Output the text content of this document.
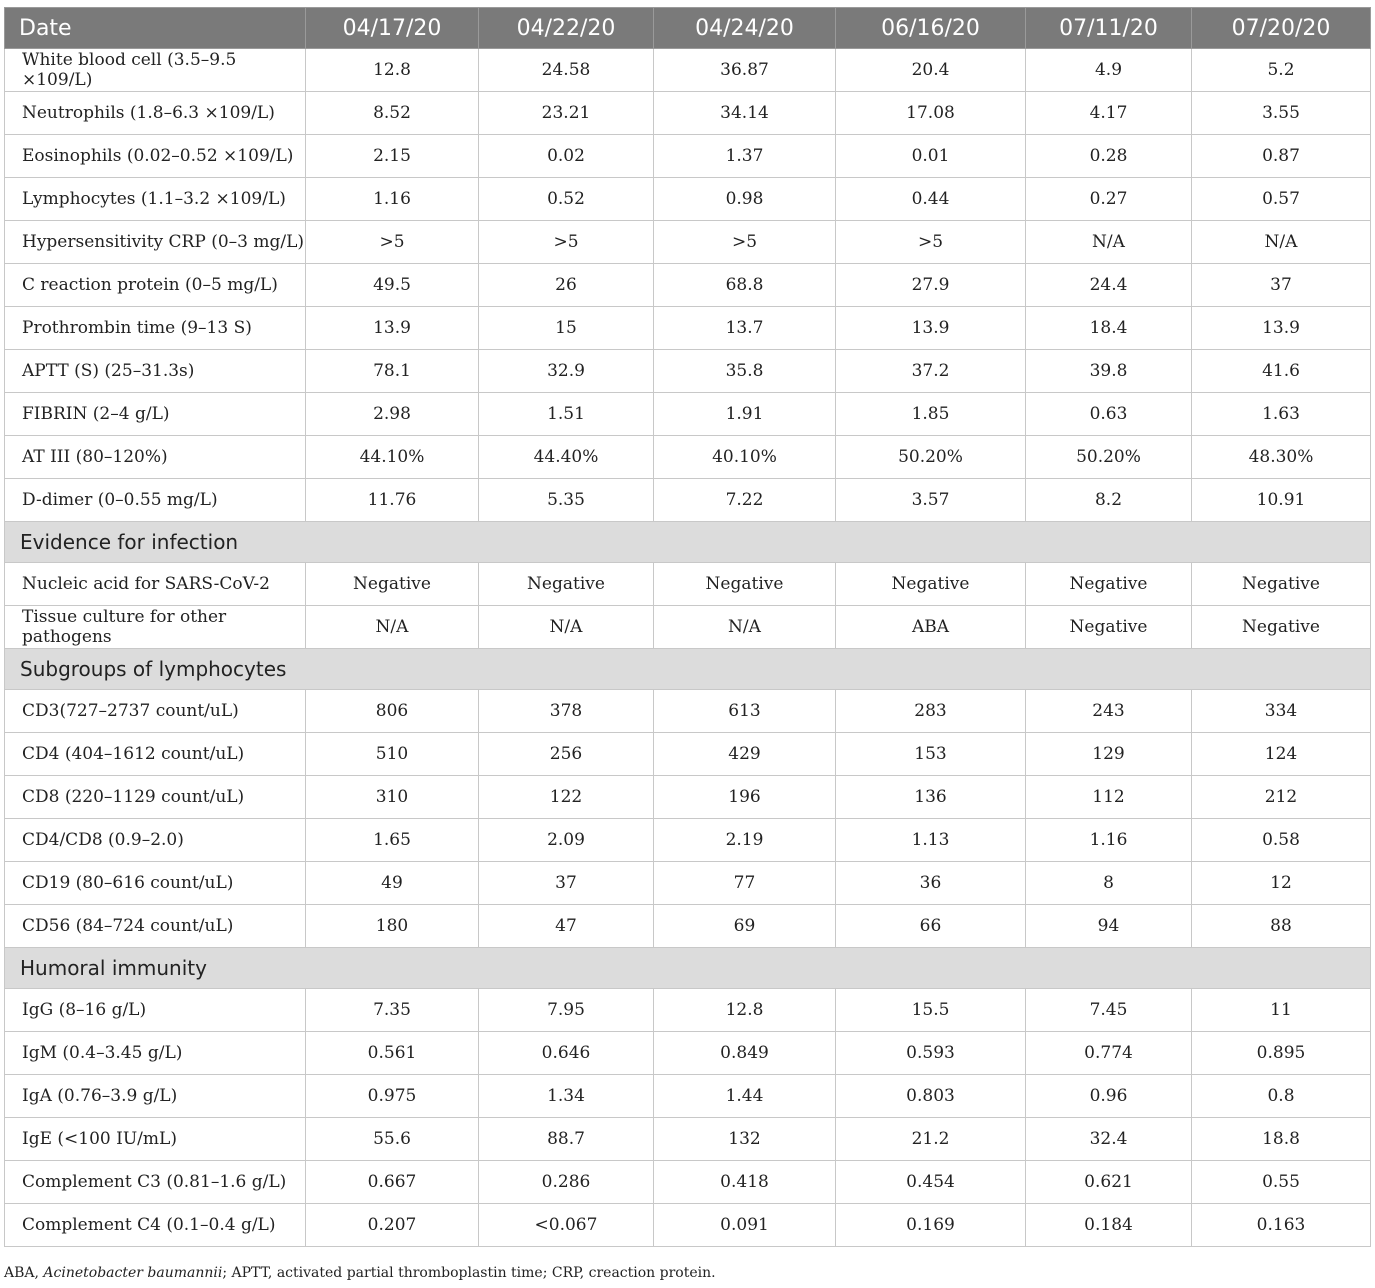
Date	04/17/20	04/22/20	04/24/20	06/16/20	07/11/20	07/20/20
White blood cell (3.5–9.5 ×109/L)	12.8	24.58	36.87	20.4	4.9	5.2
Neutrophils (1.8–6.3 ×109/L)	8.52	23.21	34.14	17.08	4.17	3.55
Eosinophils (0.02–0.52 ×109/L)	2.15	0.02	1.37	0.01	0.28	0.87
Lymphocytes (1.1–3.2 ×109/L)	1.16	0.52	0.98	0.44	0.27	0.57
Hypersensitivity CRP (0–3 mg/L)	>5	>5	>5	>5	N/A	N/A
C reaction protein (0–5 mg/L)	49.5	26	68.8	27.9	24.4	37
Prothrombin time (9–13 S)	13.9	15	13.7	13.9	18.4	13.9
APTT (S) (25–31.3s)	78.1	32.9	35.8	37.2	39.8	41.6
FIBRIN (2–4 g/L)	2.98	1.51	1.91	1.85	0.63	1.63
AT III (80–120%)	44.10%	44.40%	40.10%	50.20%	50.20%	48.30%
D-dimer (0–0.55 mg/L)	11.76	5.35	7.22	3.57	8.2	10.91
Evidence for infection						
Nucleic acid for SARS-CoV-2	Negative	Negative	Negative	Negative	Negative	Negative
Tissue culture for other pathogens	N/A	N/A	N/A	ABA	Negative	Negative
Subgroups of lymphocytes						
CD3(727–2737 count/uL)	806	378	613	283	243	334
CD4 (404–1612 count/uL)	510	256	429	153	129	124
CD8 (220–1129 count/uL)	310	122	196	136	112	212
CD4/CD8 (0.9–2.0)	1.65	2.09	2.19	1.13	1.16	0.58
CD19 (80–616 count/uL)	49	37	77	36	8	12
CD56 (84–724 count/uL)	180	47	69	66	94	88
Humoral immunity						
IgG (8–16 g/L)	7.35	7.95	12.8	15.5	7.45	11
IgM (0.4–3.45 g/L)	0.561	0.646	0.849	0.593	0.774	0.895
IgA (0.76–3.9 g/L)	0.975	1.34	1.44	0.803	0.96	0.8
IgE (<100 IU/mL)	55.6	88.7	132	21.2	32.4	18.8
Complement C3 (0.81–1.6 g/L)	0.667	0.286	0.418	0.454	0.621	0.55
Complement C4 (0.1–0.4 g/L)	0.207	<0.067	0.091	0.169	0.184	0.163
ABA, Acinetobacter baumannii; APTT, activated partial thromboplastin time; CRP, creaction protein.
